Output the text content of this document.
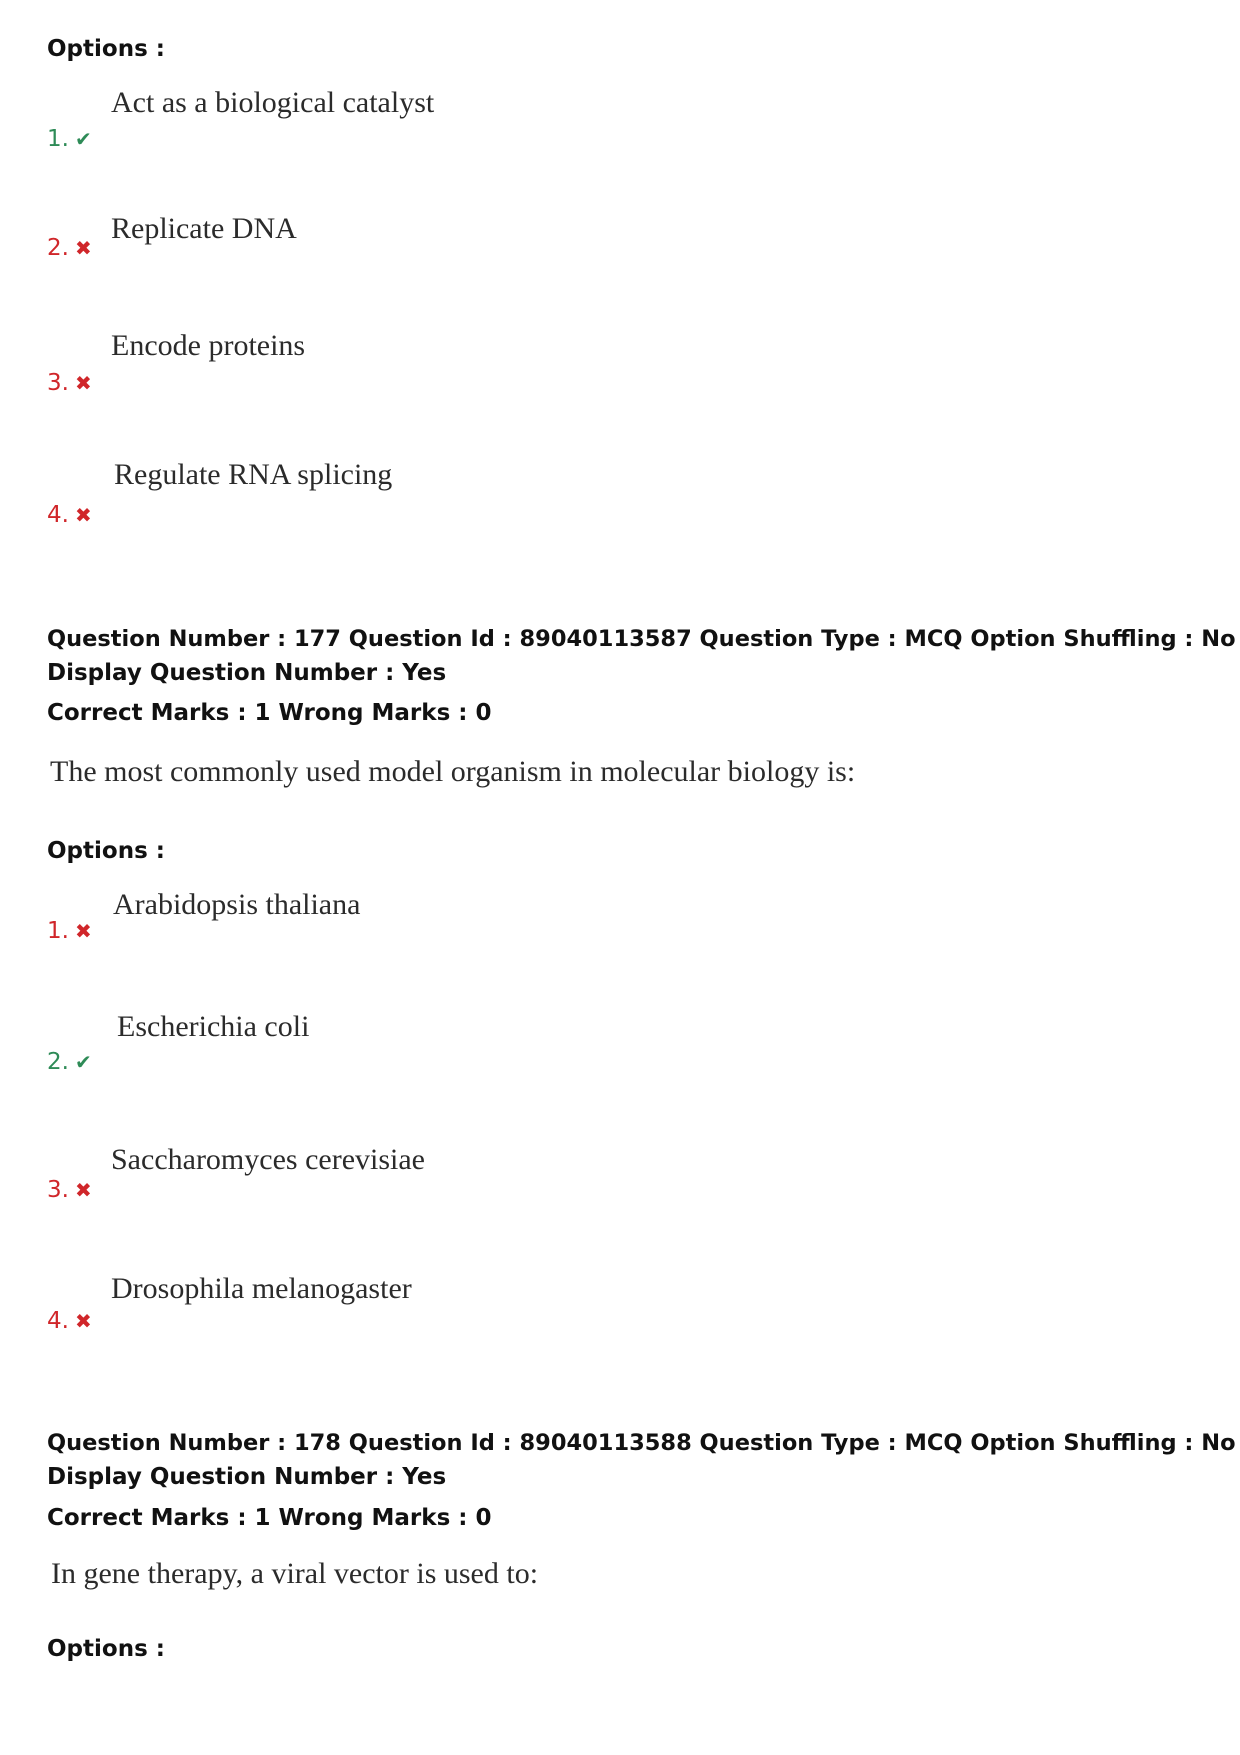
Options :
Act as a biological catalyst
1. ✔
Replicate DNA
2. ✖
Encode proteins
3. ✖
Regulate RNA splicing
4. ✖
Question Number : 177 Question Id : 89040113587 Question Type : MCQ Option Shuffling : No
Display Question Number : Yes
Correct Marks : 1 Wrong Marks : 0
The most commonly used model organism in molecular biology is:
Options :
Arabidopsis thaliana
1. ✖
Escherichia coli
2. ✔
Saccharomyces cerevisiae
3. ✖
Drosophila melanogaster
4. ✖
Question Number : 178 Question Id : 89040113588 Question Type : MCQ Option Shuffling : No
Display Question Number : Yes
Correct Marks : 1 Wrong Marks : 0
In gene therapy, a viral vector is used to:
Options :
